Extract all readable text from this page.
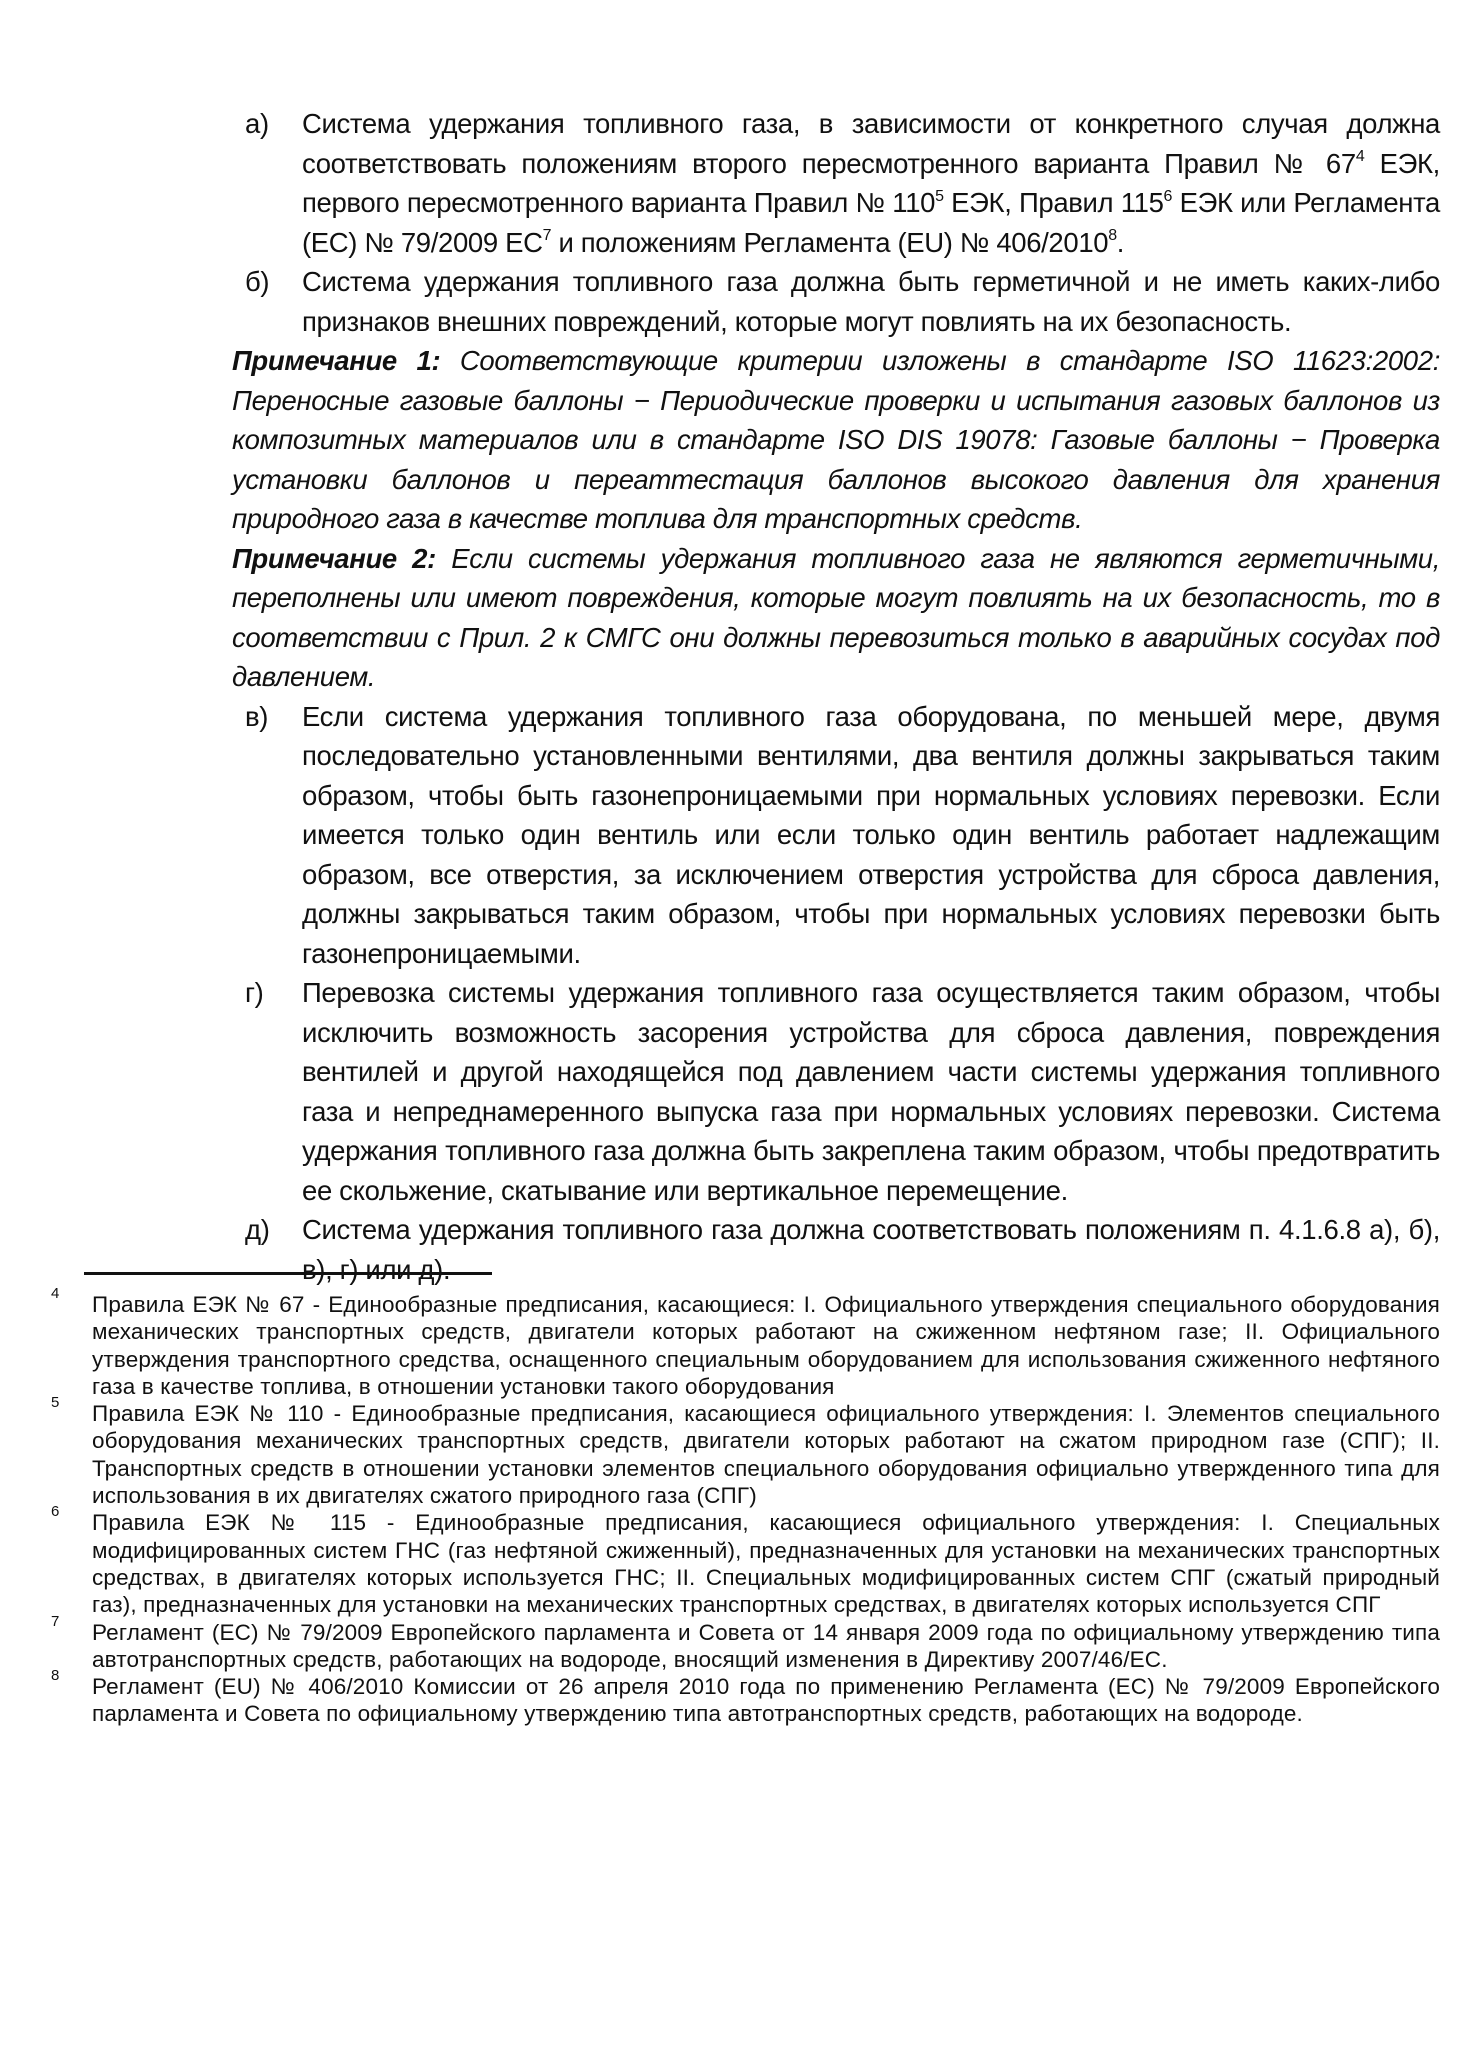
а) Система удержания топливного газа, в зависимости от конкретного случая должна соответствовать положениям второго пересмотренного варианта Правил № $67^4$ ЕЭК, первого пересмотренного варианта Правил № $110^5$ ЕЭК, Правил $115^6$ ЕЭК или Регламента (ЕС) № 79/2009 $ЕС^7$ и положениям Регламента (EU) № 406/2010$^8$.
б) Система удержания топливного газа должна быть герметичной и не иметь каких-либо признаков внешних повреждений, которые могут повлиять на их безопасность.

Примечание 1: Соответствующие критерии изложены в стандарте ISO 11623:2002: Переносные газовые баллоны − Периодические проверки и испытания газовых баллонов из композитных материалов или в стандарте ISO DIS 19078: Газовые баллоны − Проверка установки баллонов и переаттестация баллонов высокого давления для хранения природного газа в качестве топлива для транспортных средств.

Примечание 2: Если системы удержания топливного газа не являются герметичными, переполнены или имеют повреждения, которые могут повлиять на их безопасность, то в соответствии с Прил. 2 к СМГС они должны перевозиться только в аварийных сосудах под давлением.

в) Если система удержания топливного газа оборудована, по меньшей мере, двумя последовательно установленными вентилями, два вентиля должны закрываться таким образом, чтобы быть газонепроницаемыми при нормальных условиях перевозки. Если имеется только один вентиль или если только один вентиль работает надлежащим образом, все отверстия, за исключением отверстия устройства для сброса давления, должны закрываться таким образом, чтобы при нормальных условиях перевозки быть газонепроницаемыми.
г) Перевозка системы удержания топливного газа осуществляется таким образом, чтобы исключить возможность засорения устройства для сброса давления, повреждения вентилей и другой находящейся под давлением части системы удержания топливного газа и непреднамеренного выпуска газа при нормальных условиях перевозки. Система удержания топливного газа должна быть закреплена таким образом, чтобы предотвратить ее скольжение, скатывание или вертикальное перемещение.
д) Система удержания топливного газа должна соответствовать положениям п. 4.1.6.8 а), б), в), г) или д).
4 Правила ЕЭК № 67 - Единообразные предписания, касающиеся: I. Официального утверждения специального оборудования механических транспортных средств, двигатели которых работают на сжиженном нефтяном газе; II. Официального утверждения транспортного средства, оснащенного специальным оборудованием для использования сжиженного нефтяного газа в качестве топлива, в отношении установки такого оборудования
5 Правила ЕЭК № 110 - Единообразные предписания, касающиеся официального утверждения: I. Элементов специального оборудования механических транспортных средств, двигатели которых работают на сжатом природном газе (СПГ); II. Транспортных средств в отношении установки элементов специального оборудования официально утвержденного типа для использования в их двигателях сжатого природного газа (СПГ)
6 Правила ЕЭК № 115 - Единообразные предписания, касающиеся официального утверждения: I. Специальных модифицированных систем ГНС (газ нефтяной сжиженный), предназначенных для установки на механических транспортных средствах, в двигателях которых используется ГНС; II. Специальных модифицированных систем СПГ (сжатый природный газ), предназначенных для установки на механических транспортных средствах, в двигателях которых используется СПГ
7 Регламент (ЕС) № 79/2009 Европейского парламента и Совета от 14 января 2009 года по официальному утверждению типа автотранспортных средств, работающих на водороде, вносящий изменения в Директиву 2007/46/ЕС.
8 Регламент (EU) № 406/2010 Комиссии от 26 апреля 2010 года по применению Регламента (ЕС) № 79/2009 Европейского парламента и Совета по официальному утверждению типа автотранспортных средств, работающих на водороде.
